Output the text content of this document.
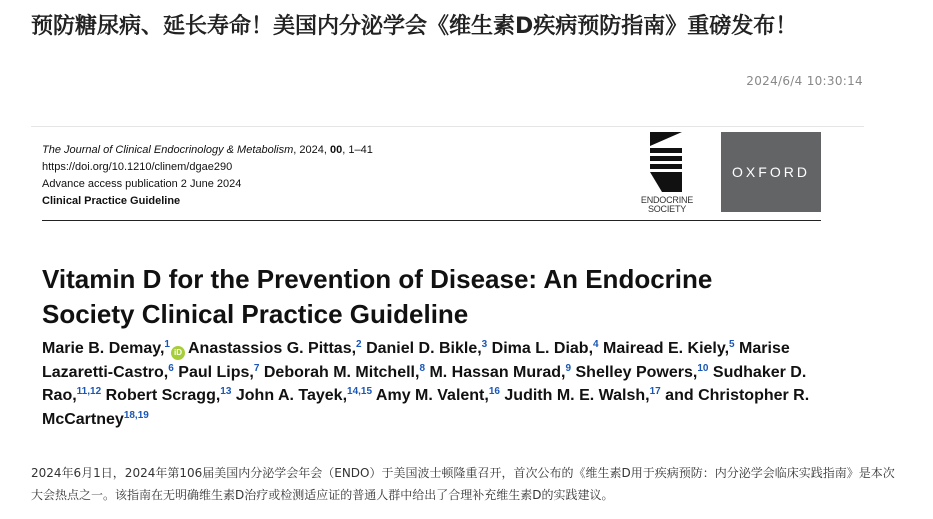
预防糖尿病、延长寿命！美国内分泌学会《维生素D疾病预防指南》重磅发布！
2024/6/4 10:30:14
The Journal of Clinical Endocrinology & Metabolism, 2024, 00, 1–41
https://doi.org/10.1210/clinem/dgae290
Advance access publication 2 June 2024
Clinical Practice Guideline	ENDOCRINE
SOCIETY
OXFORD
Vitamin D for the Prevention of Disease: An Endocrine Society Clinical Practice Guideline
Marie B. Demay,$^1$iD Anastassios G. Pittas,$^2$ Daniel D. Bikle,$^3$ Dima L. Diab,$^4$ Mairead E. Kiely,$^5$ Marise Lazaretti-Castro,$^6$ Paul Lips,$^7$ Deborah M. Mitchell,$^8$ M. Hassan Murad,$^9$ Shelley Powers,$^{10}$ Sudhaker D. Rao,$^{11,12}$ Robert Scragg,$^{13}$ John A. Tayek,$^{14,15}$ Amy M. Valent,$^{16}$ Judith M. E. Walsh,$^{17}$ and Christopher R. McCartney$^{18,19}$

2024年6月1日，2024年第106届美国内分泌学会年会（ENDO）于美国波士顿隆重召开，首次公布的《维生素D用于疾病预防：内分泌学会临床实践指南》是本次大会热点之一。该指南在无明确维生素D治疗或检测适应证的普通人群中给出了合理补充维生素D的实践建议。
